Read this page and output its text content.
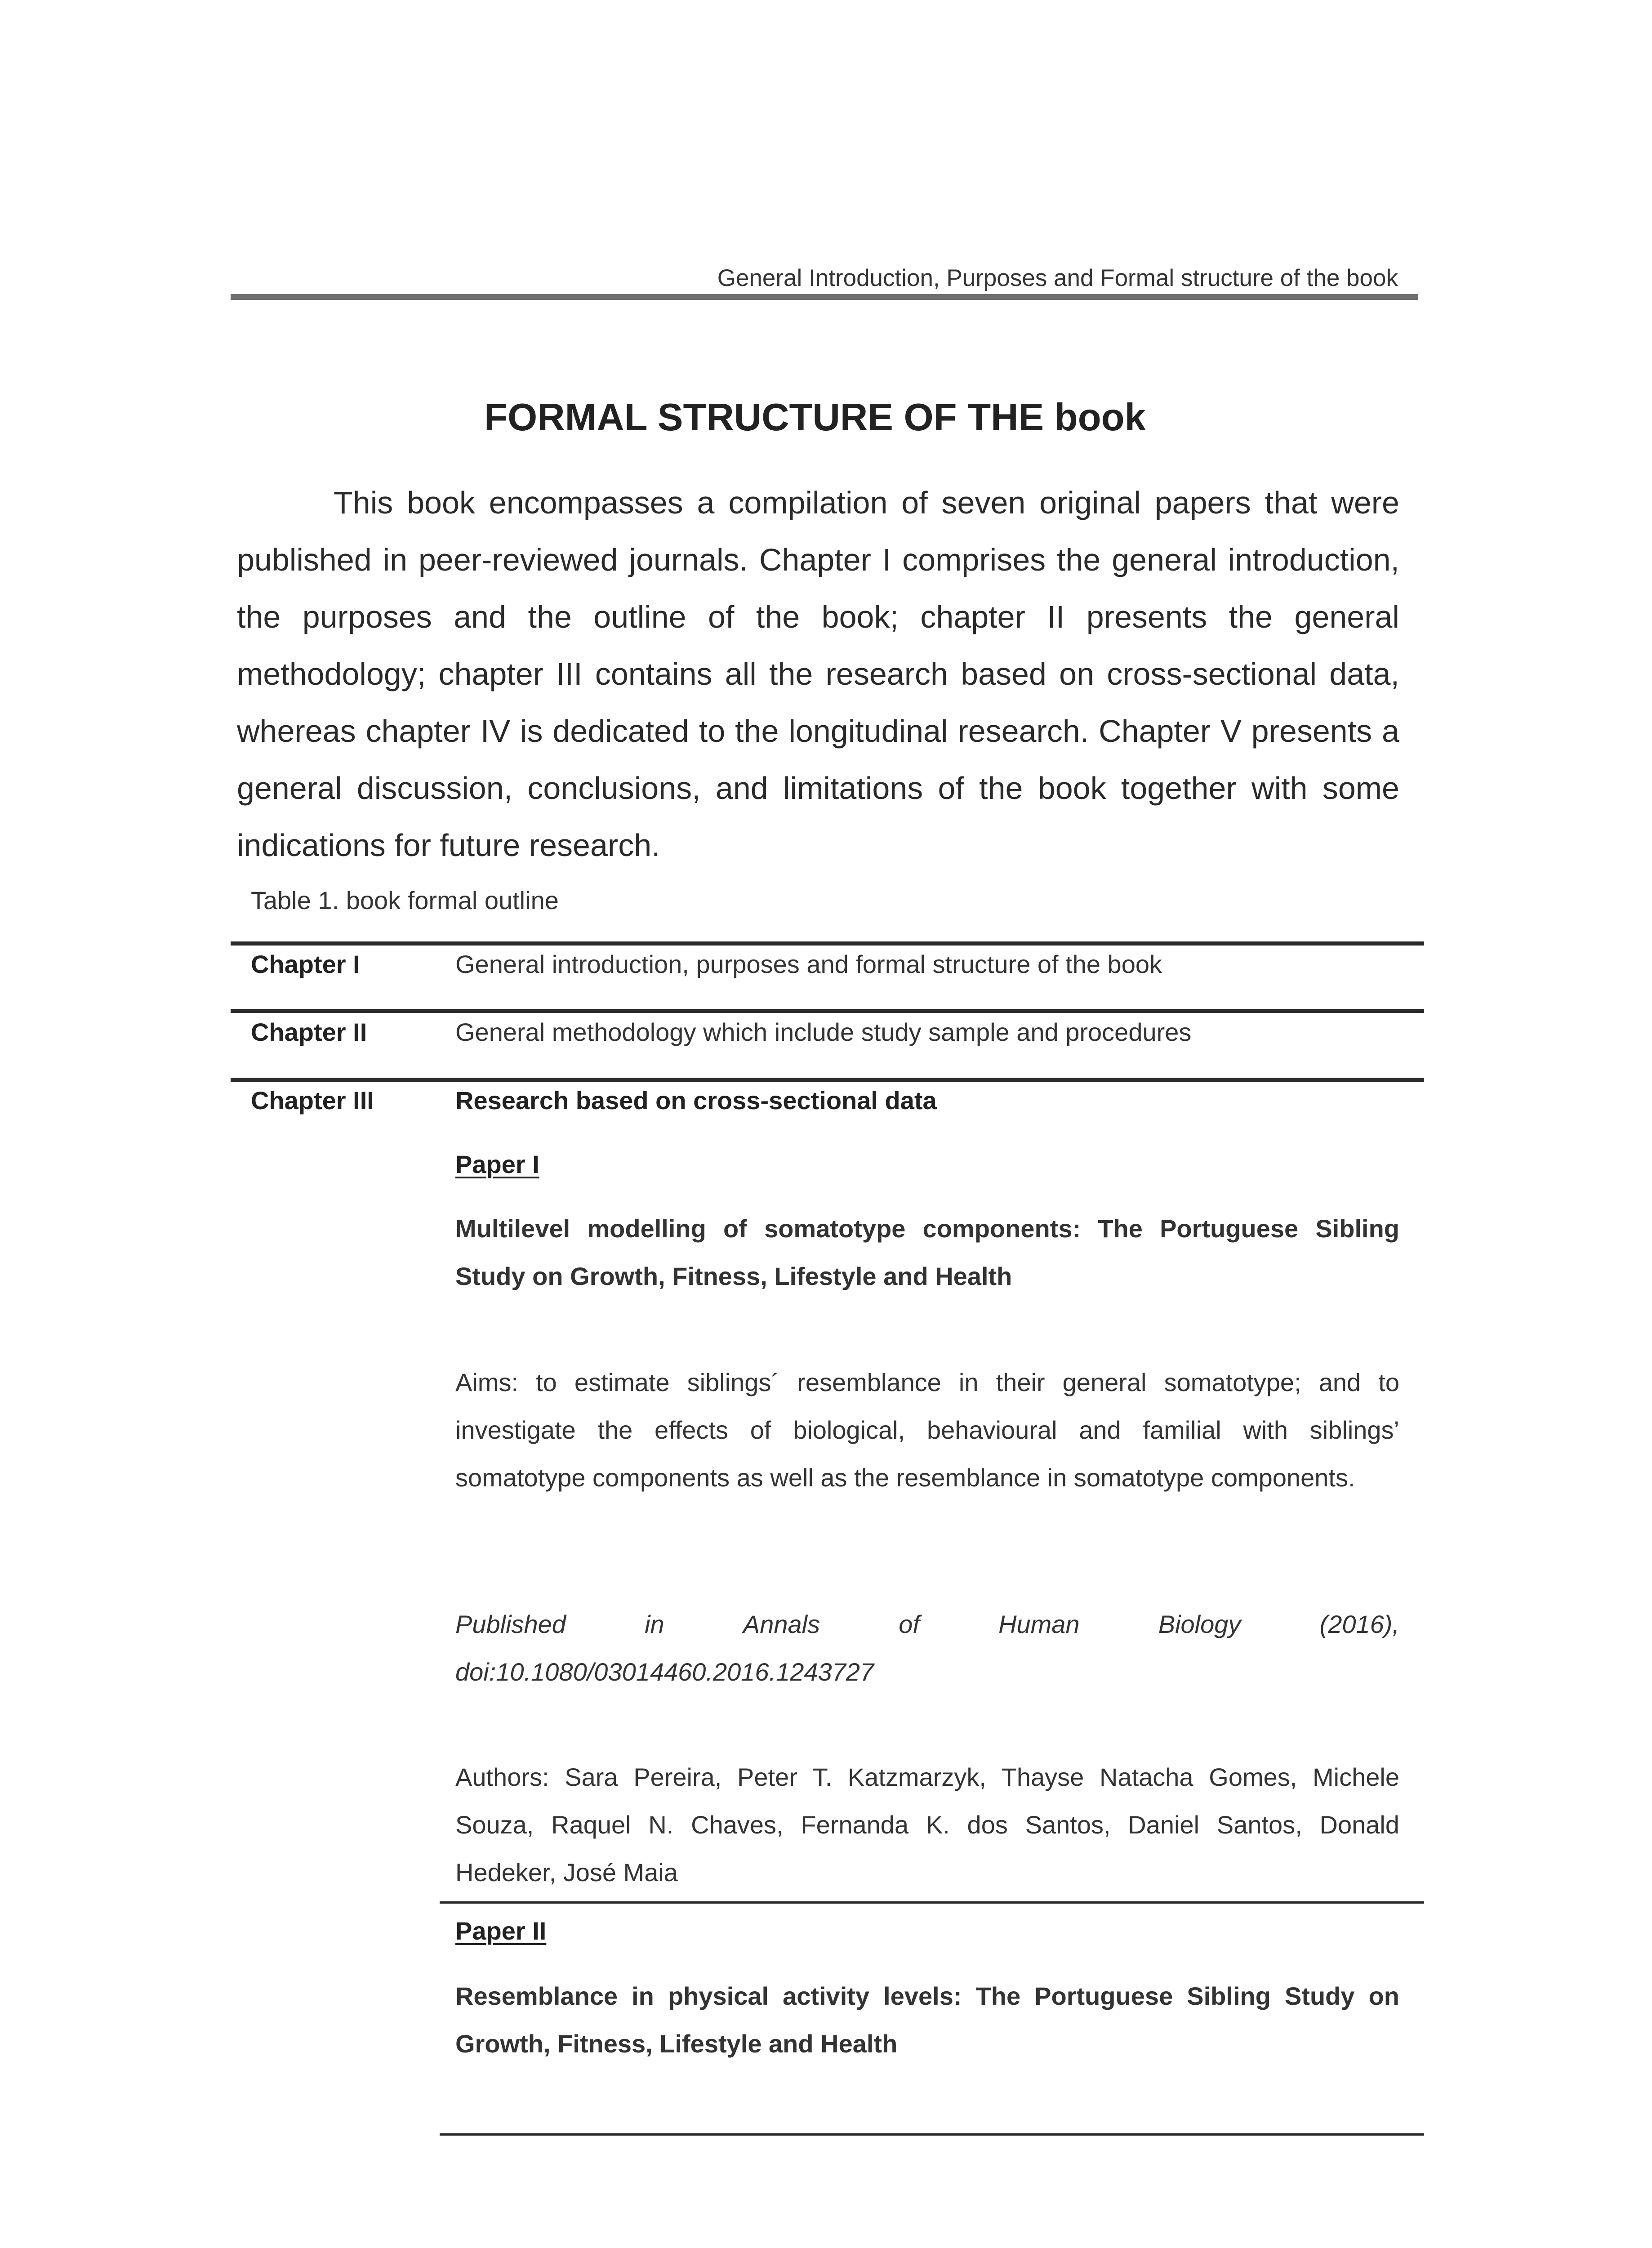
General Introduction, Purposes and Formal structure of the book
FORMAL STRUCTURE OF THE book

This book encompasses a compilation of seven original papers that were published in peer-reviewed journals. Chapter I comprises the general introduction, the purposes and the outline of the book; chapter II presents the general methodology; chapter III contains all the research based on cross-sectional data, whereas chapter IV is dedicated to the longitudinal research. Chapter V presents a general discussion, conclusions, and limitations of the book together with some indications for future research.

Table 1. book formal outline
Chapter I	General introduction, purposes and formal structure of the book
Chapter II	General methodology which include study sample and procedures
Chapter III	Research based on cross-sectional data
Paper I

Multilevel modelling of somatotype components: The Portuguese Sibling Study on Growth, Fitness, Lifestyle and Health

Aims: to estimate siblings´ resemblance in their general somatotype; and to investigate the effects of biological, behavioural and familial with siblings’ somatotype components as well as the resemblance in somatotype components.

Published	in	Annals	of	Human	Biology	(2016),
doi:10.1080/03014460.2016.1243727

Authors: Sara Pereira, Peter T. Katzmarzyk, Thayse Natacha Gomes, Michele Souza, Raquel N. Chaves, Fernanda K. dos Santos, Daniel Santos, Donald Hedeker, José Maia

Paper II

Resemblance in physical activity levels: The Portuguese Sibling Study on Growth, Fitness, Lifestyle and Health
